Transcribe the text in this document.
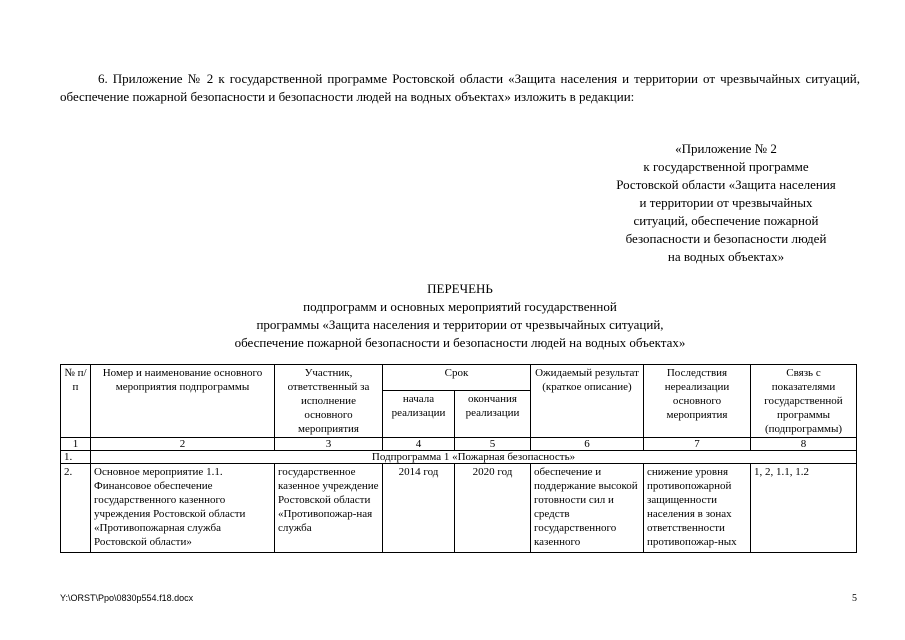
6. Приложение № 2 к государственной программе Ростовской области «Защита населения и территории от чрезвычайных ситуаций, обеспечение пожарной безопасности и безопасности людей на водных объектах» изложить в редакции:

«Приложение № 2
к государственной программе
Ростовской области «Защита населения
и территории от чрезвычайных
ситуаций, обеспечение пожарной
безопасности и безопасности людей
на водных объектах»
ПЕРЕЧЕНЬ
подпрограмм и основных мероприятий государственной
программы «Защита населения и территории от чрезвычайных ситуаций,
обеспечение пожарной безопасности и безопасности людей на водных объектах»
№ п/п	Номер и наименование основного мероприятия подпрограммы	Участник, ответственный за исполнение основного мероприятия	Срок		Ожидаемый результат (краткое описание)	Последствия нереализации основного мероприятия	Связь с показателями государственной программы (подпрограммы)
			начала реализации	окончания реализации			
1	2	3	4	5	6	7	8
1.	Подпрограмма 1 «Пожарная безопасность»						
2.	Основное мероприятие 1.1. Финансовое обеспечение государственного казенного учреждения Ростовской области «Противопожарная служба Ростовской области»	государственное казенное учреждение Ростовской области «Противопожар-ная служба	2014 год	2020 год	обеспечение и поддержание высокой готовности сил и средств государственного казенного	снижение уровня противопожарной защищенности населения в зонах ответственности противопожар-ных	1, 2, 1.1, 1.2
Y:\ORST\Ppo\0830p554.f18.docx	5
